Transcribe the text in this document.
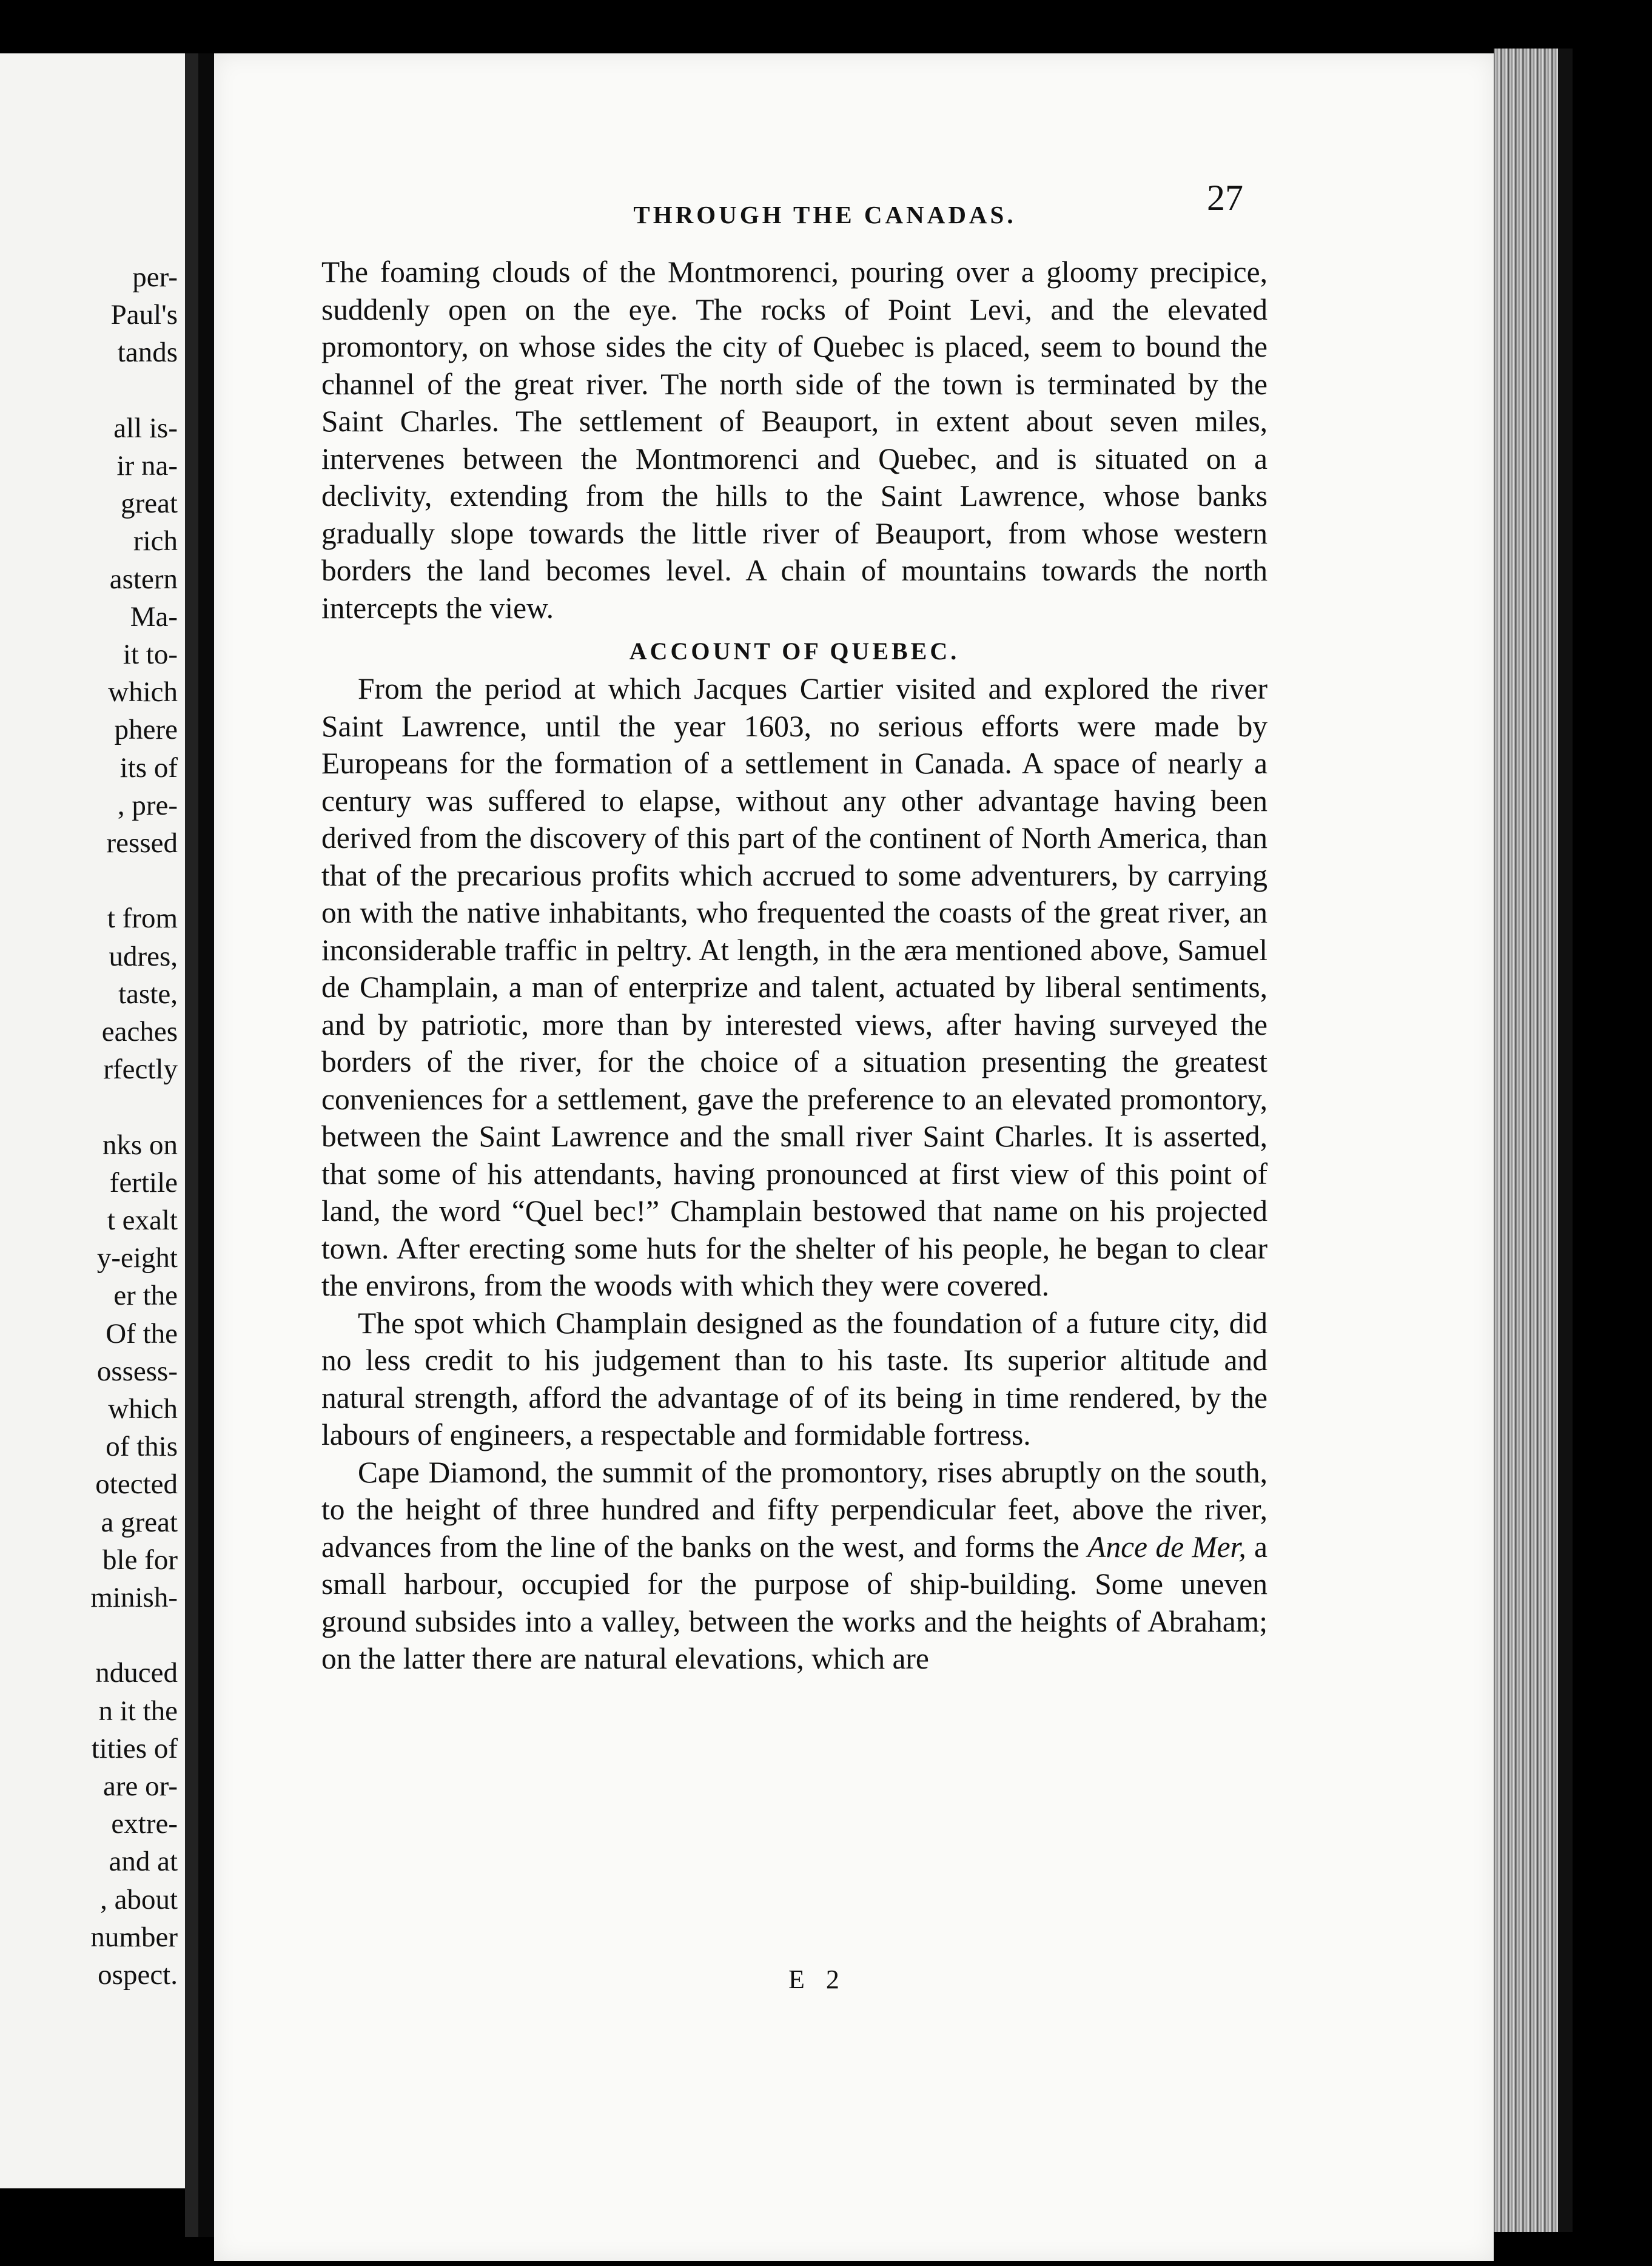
per-
Paul's
tands
all is-
ir na-
great
rich
astern
Ma-
it to-
which
phere
its of
, pre-
ressed
t from
udres,
taste,
eaches
rfectly
nks on
fertile
t exalt
y-eight
er the
Of the
ossess-
which
of this
otected
a great
ble for
minish-
nduced
n it the
tities of
are or-
extre-
and at
, about
number
ospect.
THROUGH THE CANADAS.	27

The foaming clouds of the Montmorenci, pouring over a gloomy precipice, suddenly open on the eye. The rocks of Point Levi, and the elevated promontory, on whose sides the city of Quebec is placed, seem to bound the channel of the great river. The north side of the town is terminated by the Saint Charles. The settlement of Beauport, in extent about seven miles, intervenes between the Montmorenci and Quebec, and is situated on a declivity, extending from the hills to the Saint Lawrence, whose banks gradually slope towards the little river of Beauport, from whose western borders the land becomes level. A chain of mountains towards the north intercepts the view.

ACCOUNT OF QUEBEC.

From the period at which Jacques Cartier visited and explored the river Saint Lawrence, until the year 1603, no serious efforts were made by Europeans for the formation of a settlement in Canada. A space of nearly a century was suffered to elapse, without any other advantage having been derived from the discovery of this part of the continent of North America, than that of the precarious profits which accrued to some adventurers, by carrying on with the native inhabitants, who frequented the coasts of the great river, an inconsiderable traffic in peltry. At length, in the æra mentioned above, Samuel de Champlain, a man of enterprize and talent, actuated by liberal sentiments, and by patriotic, more than by interested views, after having surveyed the borders of the river, for the choice of a situation presenting the greatest conveniences for a settlement, gave the preference to an elevated promontory, between the Saint Lawrence and the small river Saint Charles. It is asserted, that some of his attendants, having pronounced at first view of this point of land, the word “Quel bec!” Champlain bestowed that name on his projected town. After erecting some huts for the shelter of his people, he began to clear the environs, from the woods with which they were covered.

The spot which Champlain designed as the foundation of a future city, did no less credit to his judgement than to his taste. Its superior altitude and natural strength, afford the advantage of of its being in time rendered, by the labours of engineers, a respectable and formidable fortress.

Cape Diamond, the summit of the promontory, rises abruptly on the south, to the height of three hundred and fifty perpendicular feet, above the river, advances from the line of the banks on the west, and forms the Ance de Mer, a small harbour, occupied for the purpose of ship-building. Some uneven ground subsides into a valley, between the works and the heights of Abraham; on the latter there are natural elevations, which are

E 2
